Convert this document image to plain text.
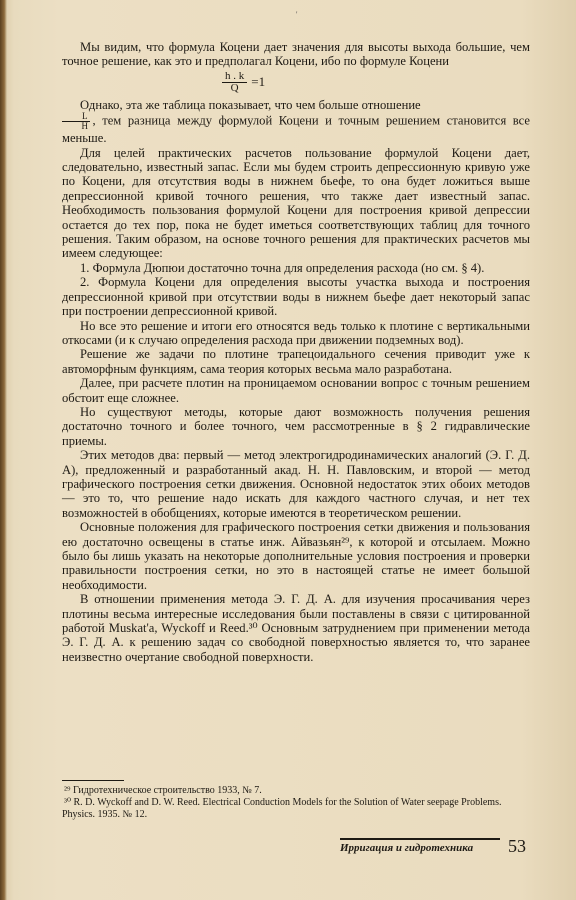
'

Мы видим, что формула Коцени дает значения для высоты выхода большие, чем точное решение, как это и предполагал Коцени, ибо по формуле Коцени

$\frac{h . k}{Q} =1$

Однако, эта же таблица показывает, что чем больше отношение

$\frac{L}{H}$ , тем разница между формулой Коцени и точным решением становится все меньше.

Для целей практических расчетов пользование формулой Коцени дает, следовательно, известный запас. Если мы будем строить депрессионную кривую уже по Коцени, для отсутствия воды в нижнем бьефе, то она будет ложиться выше депрессионной кривой точного решения, что также дает известный запас. Необходимость пользования формулой Коцени для построения кривой депрессии остается до тех пор, пока не будет иметься соответствующих таблиц для точного решения. Таким образом, на основе точного решения для практических расчетов мы имеем следующее:

1. Формула Дюпюи достаточно точна для определения расхода (но см. § 4).

2. Формула Коцени для определения высоты участка выхода и построения депрессионной кривой при отсутствии воды в нижнем бьефе дает некоторый запас при построении депрессионной кривой.

Но все это решение и итоги его относятся ведь только к плотине с вертикальными откосами (и к случаю определения расхода при движении подземных вод).

Решение же задачи по плотине трапецоидального сечения приводит уже к автоморфным функциям, сама теория которых весьма мало разработана.

Далее, при расчете плотин на проницаемом основании вопрос с точным решением обстоит еще сложнее.

Но существуют методы, которые дают возможность получения решения достаточно точного и более точного, чем рассмотренные в § 2 гидравлические приемы.

Этих методов два: первый — метод электрогидродинамических аналогий (Э. Г. Д. А), предложенный и разработанный акад. Н. Н. Павловским, и второй — метод графического построения сетки движения. Основной недостаток этих обоих методов — это то, что решение надо искать для каждого частного случая, и нет тех возможностей в обобщениях, которые имеются в теоретическом решении.

Основные положения для графического построения сетки движения и пользования ею достаточно освещены в статье инж. Айвазьян²⁹, к которой и отсылаем. Можно было бы лишь указать на некоторые дополнительные условия построения и проверки правильности построения сетки, но это в настоящей статье не имеет большой необходимости.

В отношении применения метода Э. Г. Д. А. для изучения просачивания через плотины весьма интересные исследования были поставлены в связи с цитированной работой Muskat'a, Wyckoff и Reed.³⁰ Основным затруднением при применении метода Э. Г. Д. А. к решению задач со свободной поверхностью является то, что заранее неизвестно очертание свободной поверхности.

²⁹ Гидротехническое строительство 1933, № 7.
³⁰ R. D. Wyckoff and D. W. Reed. Electrical Conduction Models for the Solution of Water seepage Problems. Physics. 1935. № 12.
Ирригация и гидротехника 53
